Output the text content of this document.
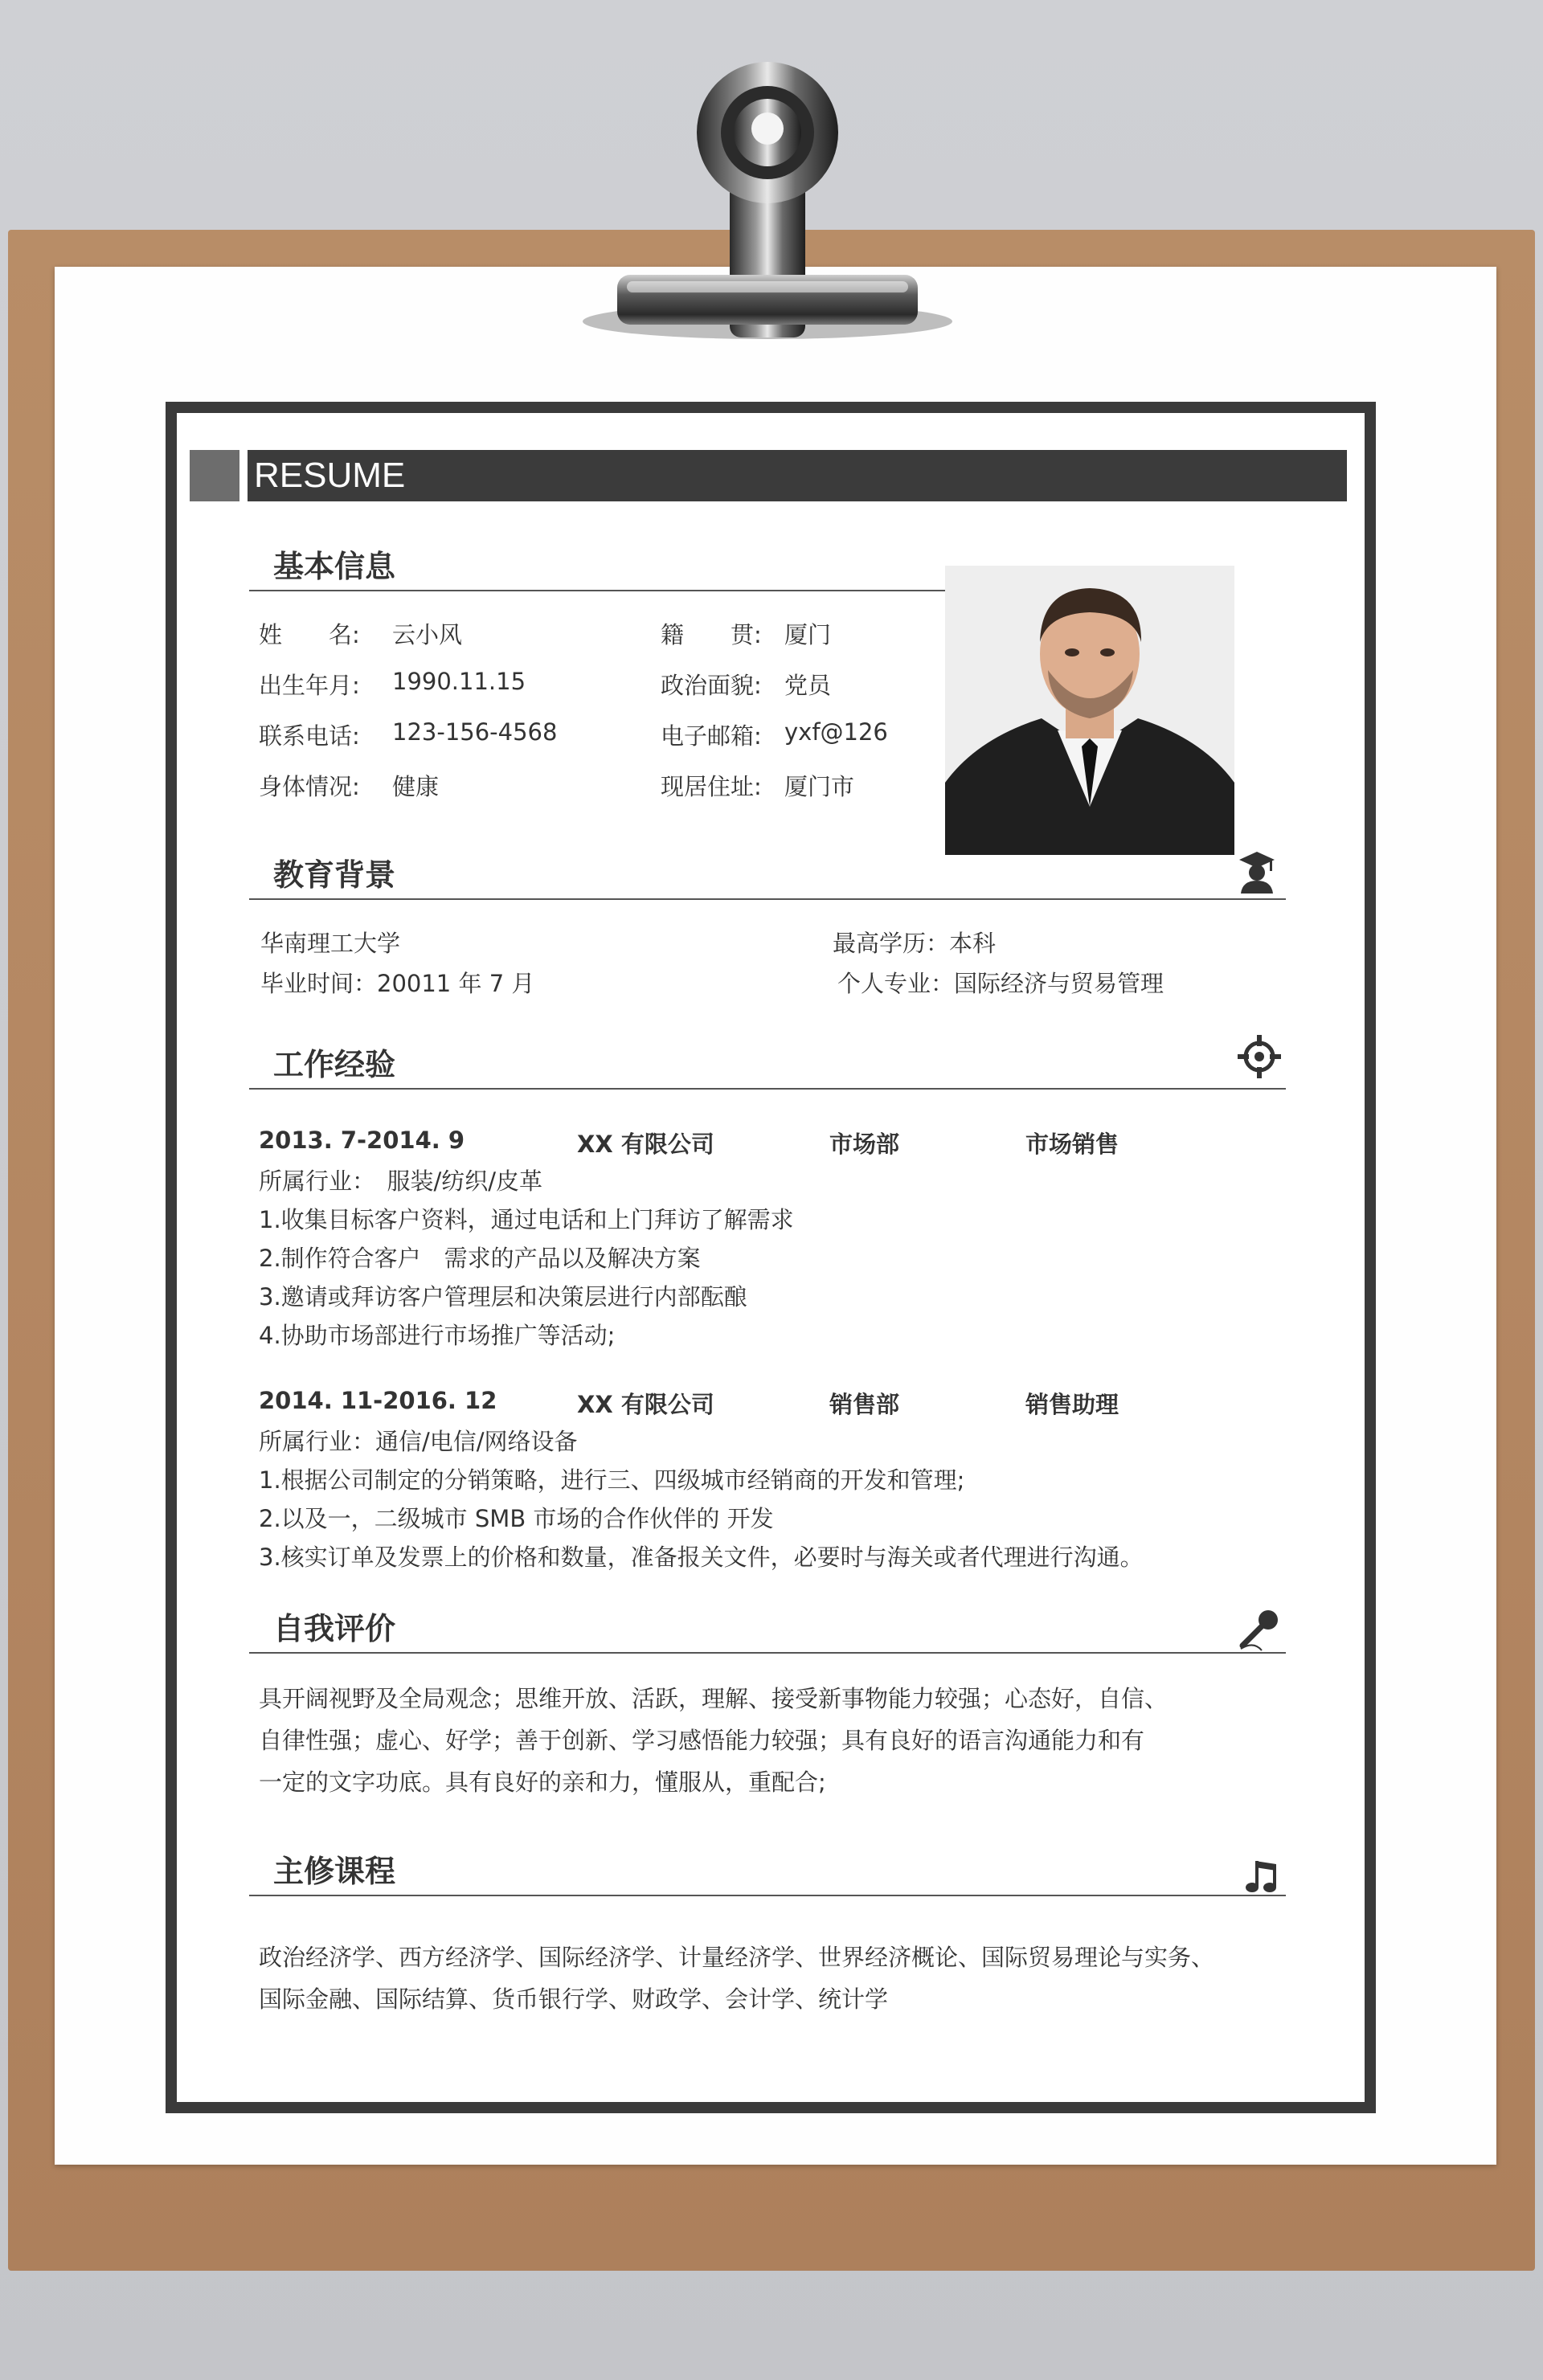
RESUME
基本信息
姓　　名: 云小风	籍　　贯: 厦门
出生年月: 1990.11.15	政治面貌: 党员
联系电话: 123-156-4568	电子邮箱: yxf@126
身体情况: 健康	现居住址: 厦门市
教育背景
华南理工大学	最高学历：本科
毕业时间：20011 年 7 月	个人专业：国际经济与贸易管理
工作经验
2013. 7-2014. 9	XX 有限公司	市场部	市场销售
所属行业：　服装/纺织/皮革
1.收集目标客户资料，通过电话和上门拜访了解需求
2.制作符合客户　需求的产品以及解决方案
3.邀请或拜访客户管理层和决策层进行内部酝酿
4.协助市场部进行市场推广等活动;
2014. 11-2016. 12	XX 有限公司	销售部	销售助理
所属行业：通信/电信/网络设备
1.根据公司制定的分销策略，进行三、四级城市经销商的开发和管理;
2.以及一，二级城市 SMB 市场的合作伙伴的 开发
3.核实订单及发票上的价格和数量，准备报关文件，必要时与海关或者代理进行沟通。
自我评价
具开阔视野及全局观念；思维开放、活跃，理解、接受新事物能力较强；心态好，自信、
自律性强；虚心、好学；善于创新、学习感悟能力较强；具有良好的语言沟通能力和有
一定的文字功底。具有良好的亲和力，懂服从，重配合;
主修课程
政治经济学、西方经济学、国际经济学、计量经济学、世界经济概论、国际贸易理论与实务、
国际金融、国际结算、货币银行学、财政学、会计学、统计学
